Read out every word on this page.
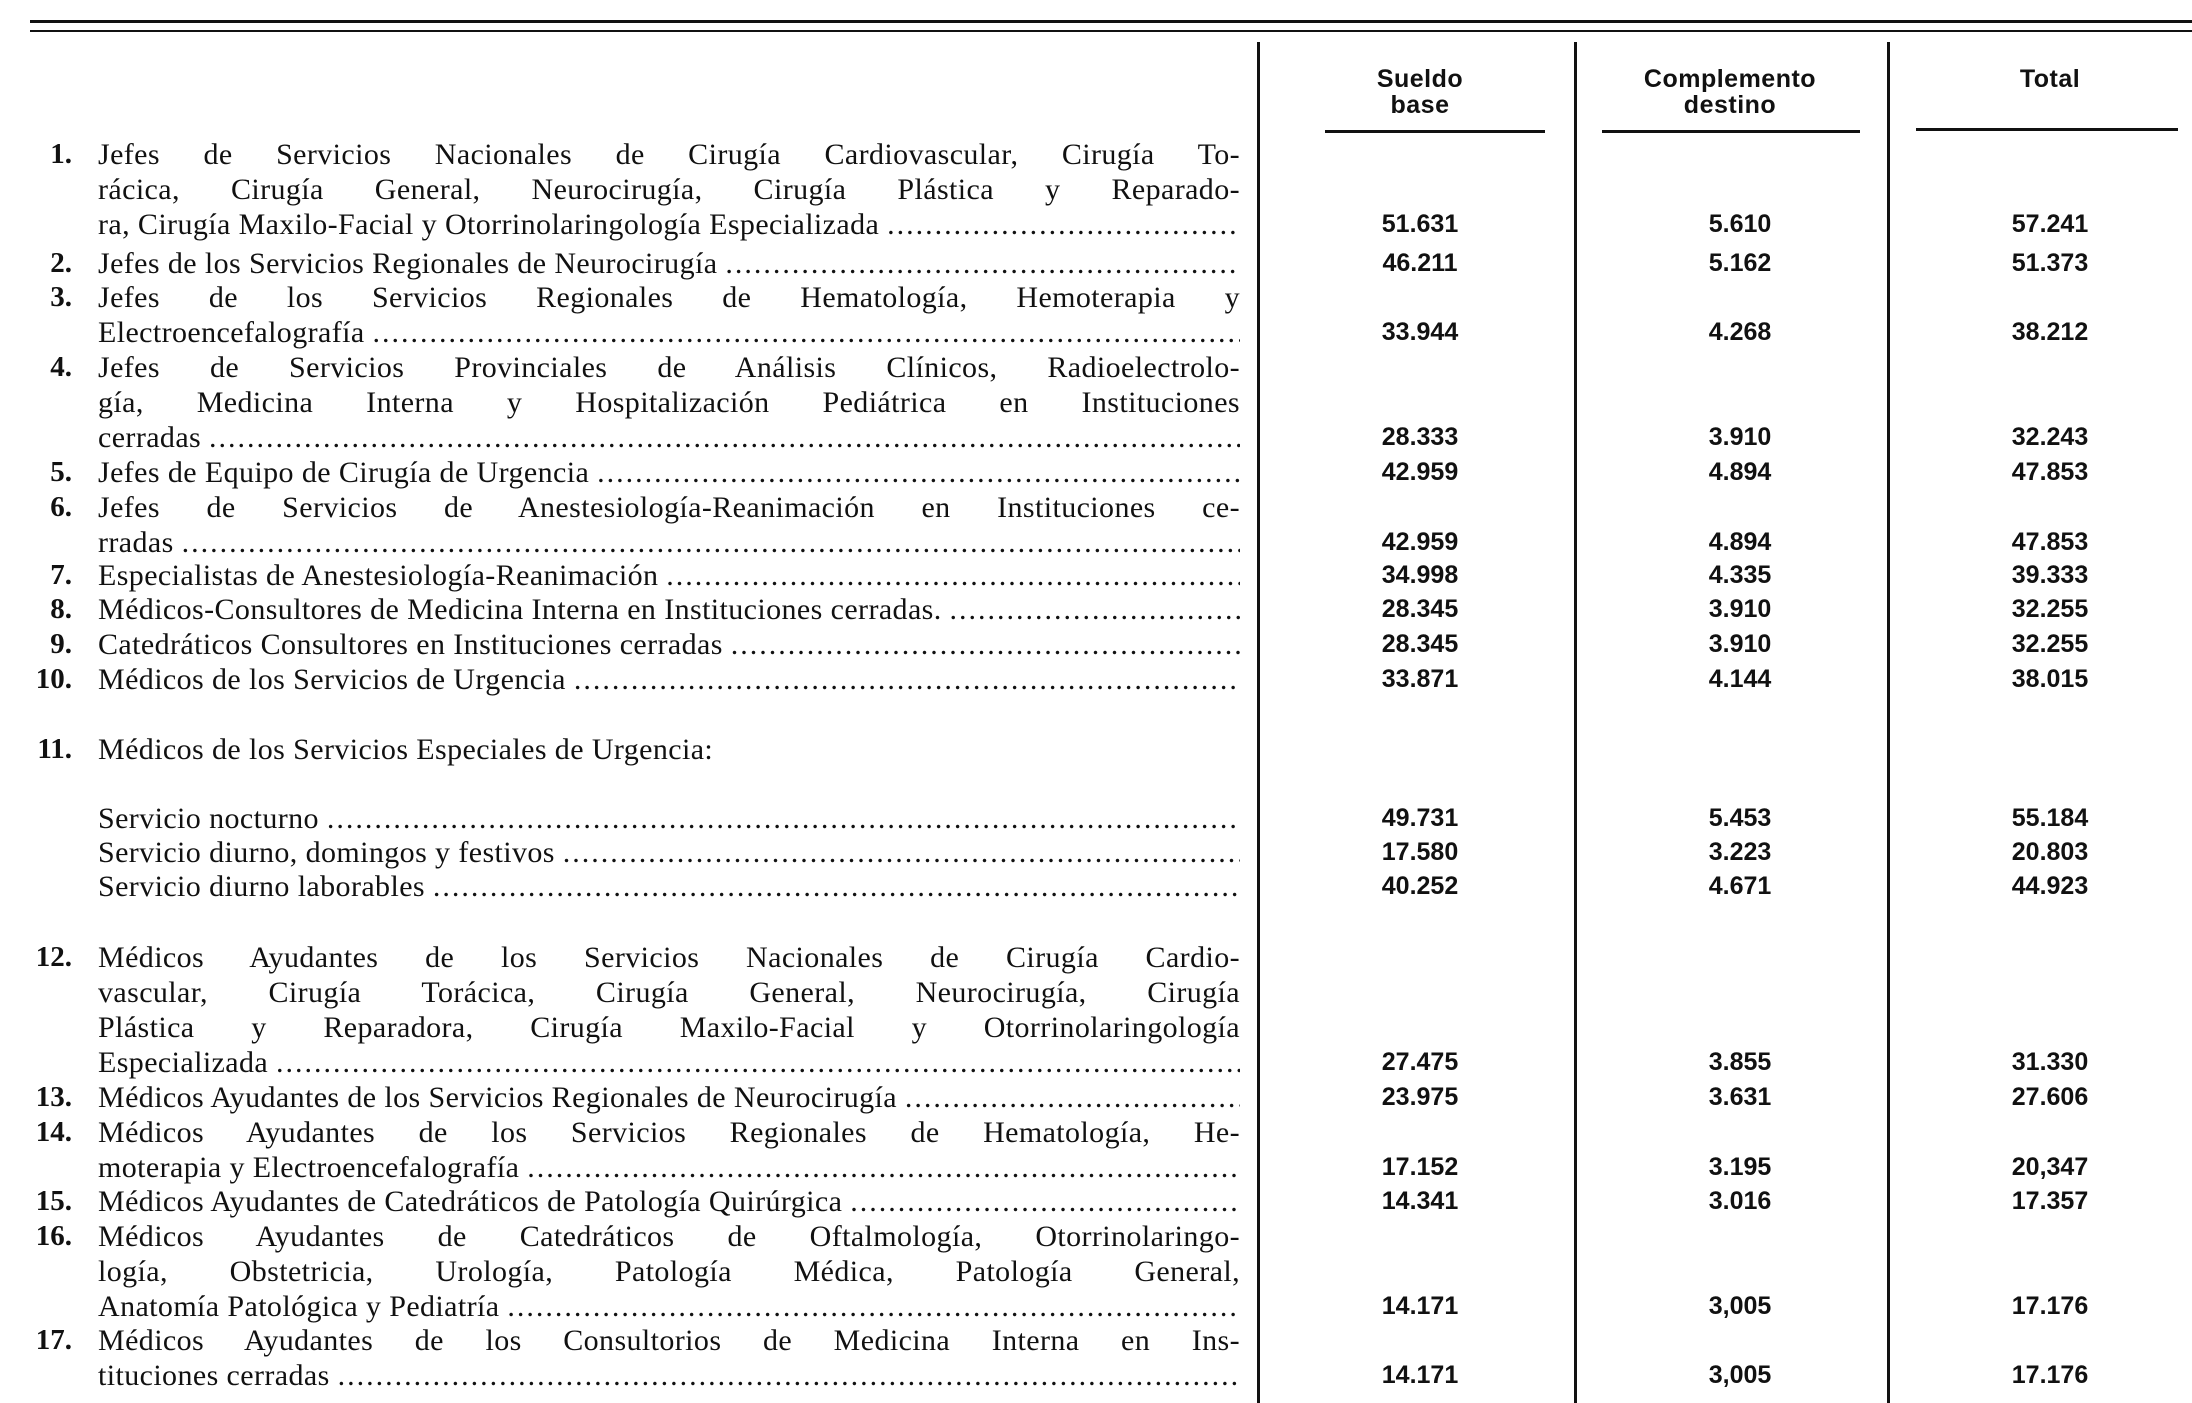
Sueldo
base
Complemento
destino
Total
1. Jefes de Servicios Nacionales de Cirugía Cardiovascular, Cirugía To-
rácica, Cirugía General, Neurocirugía, Cirugía Plástica y Reparado-
ra, Cirugía Maxilo-Facial y Otorrinolaringología Especializada .....	51.631	5.610	57.241
2. Jefes de los Servicios Regionales de Neurocirugía .....	46.211	5.162	51.373
3. Jefes de los Servicios Regionales de Hematología, Hemoterapia y
Electroencefalografía .....	33.944	4.268	38.212
4. Jefes de Servicios Provinciales de Análisis Clínicos, Radioelectrolo-
gía, Medicina Interna y Hospitalización Pediátrica en Instituciones
cerradas .....	28.333	3.910	32.243
5. Jefes de Equipo de Cirugía de Urgencia .....	42.959	4.894	47.853
6. Jefes de Servicios de Anestesiología-Reanimación en Instituciones ce-
rradas .....	42.959	4.894	47.853
7. Especialistas de Anestesiología-Reanimación .....	34.998	4.335	39.333
8. Médicos-Consultores de Medicina Interna en Instituciones cerradas. .....	28.345	3.910	32.255
9. Catedráticos Consultores en Instituciones cerradas .....	28.345	3.910	32.255
10. Médicos de los Servicios de Urgencia .....	33.871	4.144	38.015
11. Médicos de los Servicios Especiales de Urgencia:
Servicio nocturno .....	49.731	5.453	55.184
Servicio diurno, domingos y festivos .....	17.580	3.223	20.803
Servicio diurno laborables .....	40.252	4.671	44.923
12. Médicos Ayudantes de los Servicios Nacionales de Cirugía Cardio-
vascular, Cirugía Torácica, Cirugía General, Neurocirugía, Cirugía
Plástica y Reparadora, Cirugía Maxilo-Facial y Otorrinolaringología
Especializada .....	27.475	3.855	31.330
13. Médicos Ayudantes de los Servicios Regionales de Neurocirugía .....	23.975	3.631	27.606
14. Médicos Ayudantes de los Servicios Regionales de Hematología, He-
moterapia y Electroencefalografía .....	17.152	3.195	20,347
15. Médicos Ayudantes de Catedráticos de Patología Quirúrgica .....	14.341	3.016	17.357
16. Médicos Ayudantes de Catedráticos de Oftalmología, Otorrinolaringo-
logía, Obstetricia, Urología, Patología Médica, Patología General,
Anatomía Patológica y Pediatría .....	14.171	3,005	17.176
17. Médicos Ayudantes de los Consultorios de Medicina Interna en Ins-
tituciones cerradas .....	14.171	3,005	17.176
